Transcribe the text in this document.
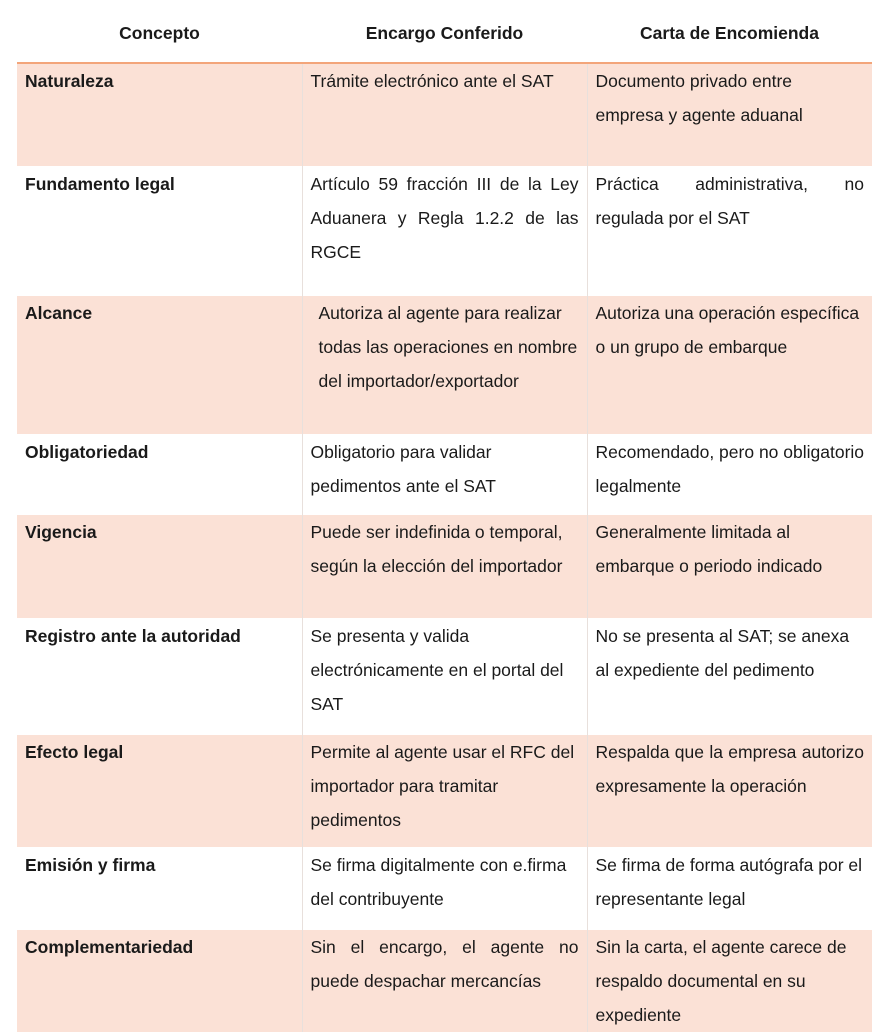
Concepto	Encargo Conferido	Carta de Encomienda

Naturaleza	Trámite electrónico ante el SAT	Documento privado entre empresa y agente aduanal

Fundamento legal	Artículo 59 fracción III de la Ley Aduanera y Regla 1.2.2 de las RGCE	Práctica administrativa, no regulada por el SAT

Alcance	Autoriza al agente para realizar todas las operaciones en nombre del importador/exportador	Autoriza una operación específica o un grupo de embarque

Obligatoriedad	Obligatorio para validar pedimentos ante el SAT	Recomendado, pero no obligatorio legalmente

Vigencia	Puede ser indefinida o temporal, según la elección del importador	Generalmente limitada al embarque o periodo indicado

Registro ante la autoridad	Se presenta y valida electrónicamente en el portal del SAT	No se presenta al SAT; se anexa al expediente del pedimento

Efecto legal	Permite al agente usar el RFC del importador para tramitar pedimentos	Respalda que la empresa autorizo expresamente la operación

Emisión y firma	Se firma digitalmente con e.firma del contribuyente	Se firma de forma autógrafa por el representante legal

Complementariedad	Sin el encargo, el agente no puede despachar mercancías	Sin la carta, el agente carece de respaldo documental en su expediente
